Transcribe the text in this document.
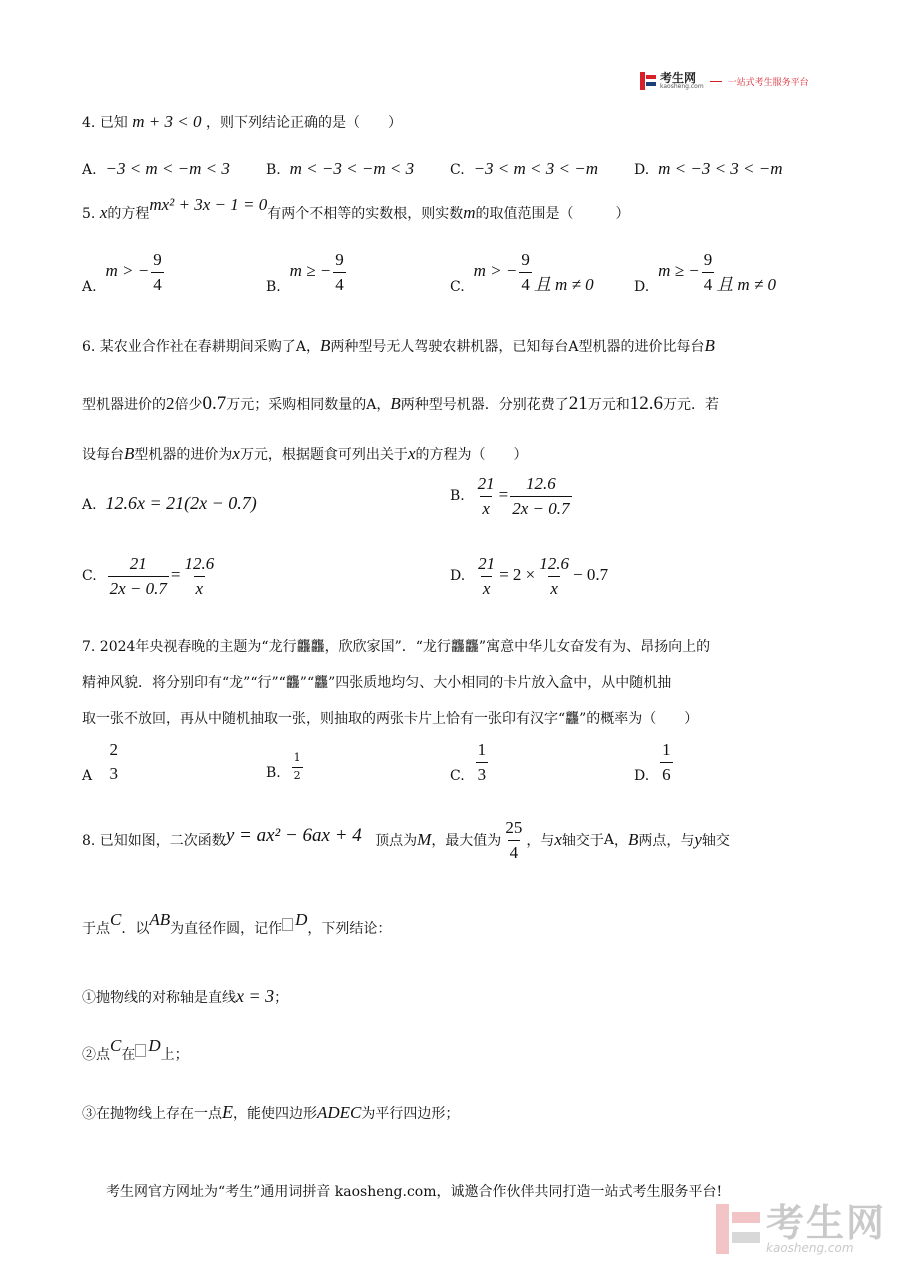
考生网
kaosheng.com	一站式考生服务平台
4. 已知 m + 3 < 0 ，则下列结论正确的是（　　）
A. −3 < m < −m < 3	B. m < −3 < −m < 3	C. −3 < m < 3 < −m	D. m < −3 < 3 < −m
5. x的方程mx² + 3x − 1 = 0有两个不相等的实数根，则实数m的取值范围是（　　　）
A.  m > − $\frac{9}{4}$	B.  m ≥ − $\frac{9}{4}$	C.  m > − $\frac{9}{4}$ 且 m ≠ 0	D.  m ≥ − $\frac{9}{4}$ 且 m ≠ 0
6. 某农业合作社在春耕期间采购了A，B两种型号无人驾驶农耕机器，已知每台A型机器的进价比每台B
型机器进价的2倍少0.7万元；采购相同数量的A，B两种型号机器．分别花费了21万元和12.6万元．若
设每台B型机器的进价为x万元，根据题食可列出关于x的方程为（　　）
A. 12.6x = 21(2x − 0.7)	B. $\frac{21}{x} = \frac{12.6}{2x - 0.7}$
C. $\frac{21}{2x - 0.7} = \frac{12.6}{x}$	D. $\frac{21}{x} = 2 \times \frac{12.6}{x} - 0.7$
7. 2024年央视春晚的主题为“龙行龘龘，欣欣家国”．“龙行龘龘”寓意中华儿女奋发有为、昂扬向上的
精神风貌．将分别印有“龙”“行”“龘”“龘”四张质地均匀、大小相同的卡片放入盒中，从中随机抽
取一张不放回，再从中随机抽取一张，则抽取的两张卡片上恰有一张印有汉字“龘”的概率为（　　）
A
2
3	B. $\frac{1}{2}$	C. $\frac{1}{3}$	D. $\frac{1}{6}$
8. 已知如图，二次函数 y = ax² − 6ax + 4
顶点为 M ，最大值为 $\frac{25}{4}$ ，与 x 轴交于 A ， B 两点，与 y 轴交
于点C．以AB为直径作圆，记作 D，下列结论：
①抛物线的对称轴是直线x = 3；
②点C在 D上；
③在抛物线上存在一点E，能使四边形ADEC为平行四边形；
考生网官方网址为“考生”通用词拼音 kaosheng.com，诚邀合作伙伴共同打造一站式考生服务平台!
考生网
kaosheng.com
